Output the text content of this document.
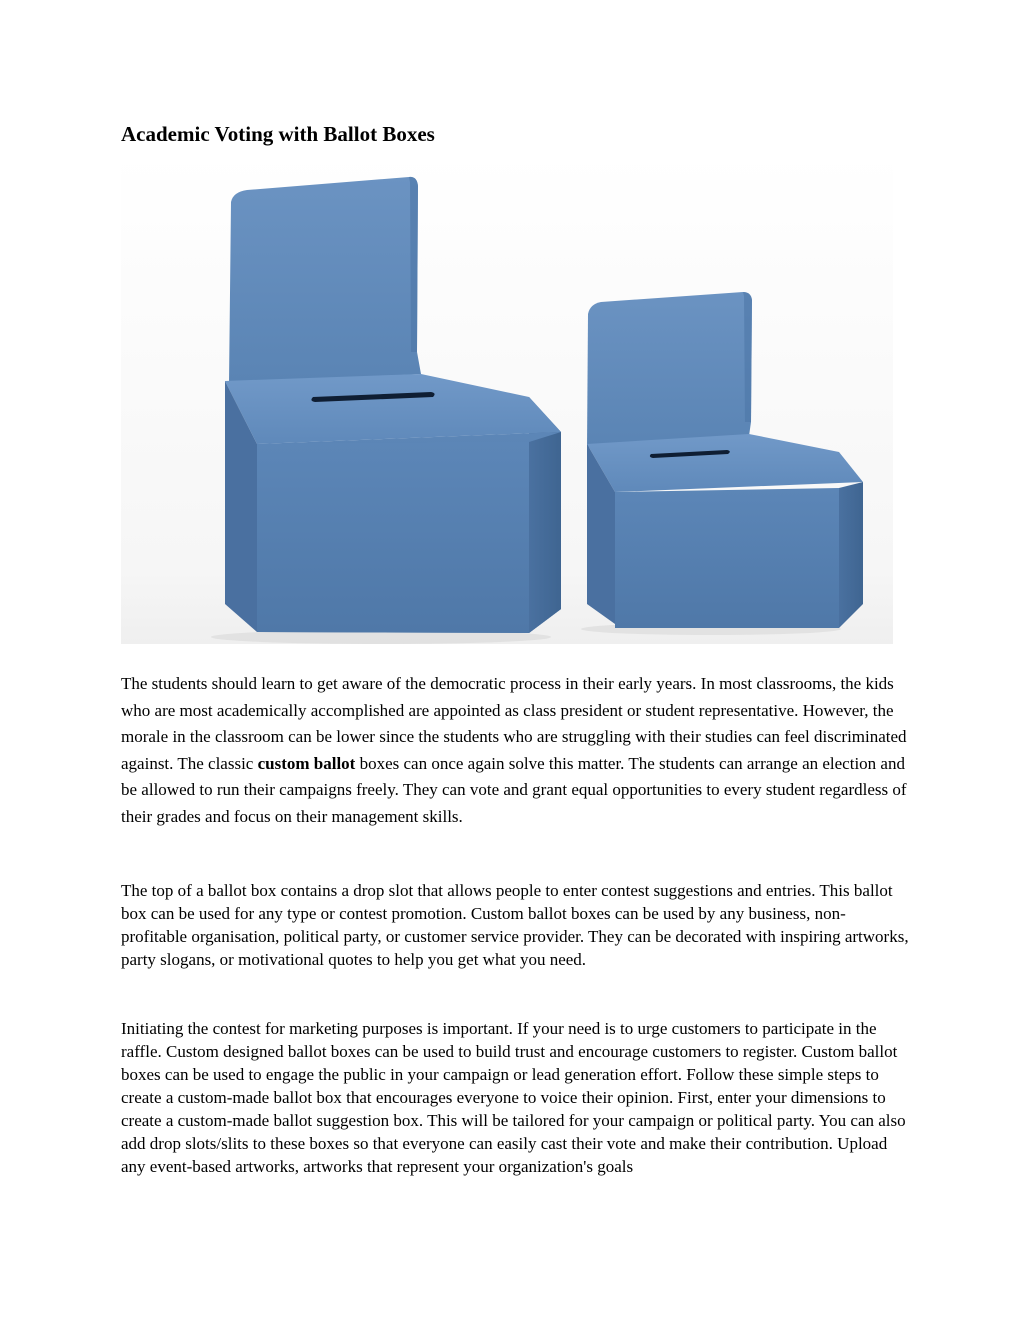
Academic Voting with Ballot Boxes

The students should learn to get aware of the democratic process in their early years. In most classrooms, the kids who are most academically accomplished are appointed as class president or student representative. However, the morale in the classroom can be lower since the students who are struggling with their studies can feel discriminated against. The classic custom ballot boxes can once again solve this matter. The students can arrange an election and be allowed to run their campaigns freely. They can vote and grant equal opportunities to every student regardless of their grades and focus on their management skills.

The top of a ballot box contains a drop slot that allows people to enter contest suggestions and entries. This ballot box can be used for any type or contest promotion. Custom ballot boxes can be used by any business, non-profitable organisation, political party, or customer service provider. They can be decorated with inspiring artworks, party slogans, or motivational quotes to help you get what you need.

Initiating the contest for marketing purposes is important. If your need is to urge customers to participate in the raffle. Custom designed ballot boxes can be used to build trust and encourage customers to register. Custom ballot boxes can be used to engage the public in your campaign or lead generation effort. Follow these simple steps to create a custom-made ballot box that encourages everyone to voice their opinion. First, enter your dimensions to create a custom-made ballot suggestion box. This will be tailored for your campaign or political party. You can also add drop slots/slits to these boxes so that everyone can easily cast their vote and make their contribution. Upload any event-based artworks, artworks that represent your organization's goals
